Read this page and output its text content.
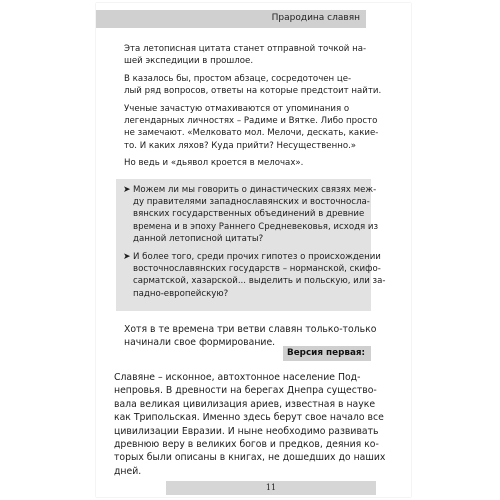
Прародина славян

Эта летописная цитата станет отправной точкой на-
шей экспедиции в прошлое.

В казалось бы, простом абзаце, сосредоточен це-
лый ряд вопросов, ответы на которые предстоит найти.

Ученые зачастую отмахиваются от упоминания о
легендарных личностях – Радиме и Вятке. Либо просто
не замечают. «Мелковато мол. Мелочи, дескать, какие-
то. И каких ляхов? Куда прийти? Несущественно.»

Но ведь и «дьявол кроется в мелочах».

➤ Можем ли мы говорить о династических связях меж-
ду правителями западнославянских и восточносла-
вянских государственных объединений в древние
времена и в эпоху Раннего Средневековья, исходя из
данной летописной цитаты?

➤ И более того, среди прочих гипотез о происхождении
восточнославянских государств – норманской, скифо-
сарматской, хазарской... выделить и польскую, или за-
падно-европейскую?

Хотя в те времена три ветви славян только-только
начинали свое формирование.

Версия первая:

Славяне – исконное, автохтонное население Под-
непровья. В древности на берегах Днепра существо-
вала великая цивилизация ариев, известная в науке
как Трипольская. Именно здесь берут свое начало все
цивилизации Евразии. И ныне необходимо развивать
древнюю веру в великих богов и предков, деяния ко-
торых были описаны в книгах, не дошедших до наших
дней.

11
